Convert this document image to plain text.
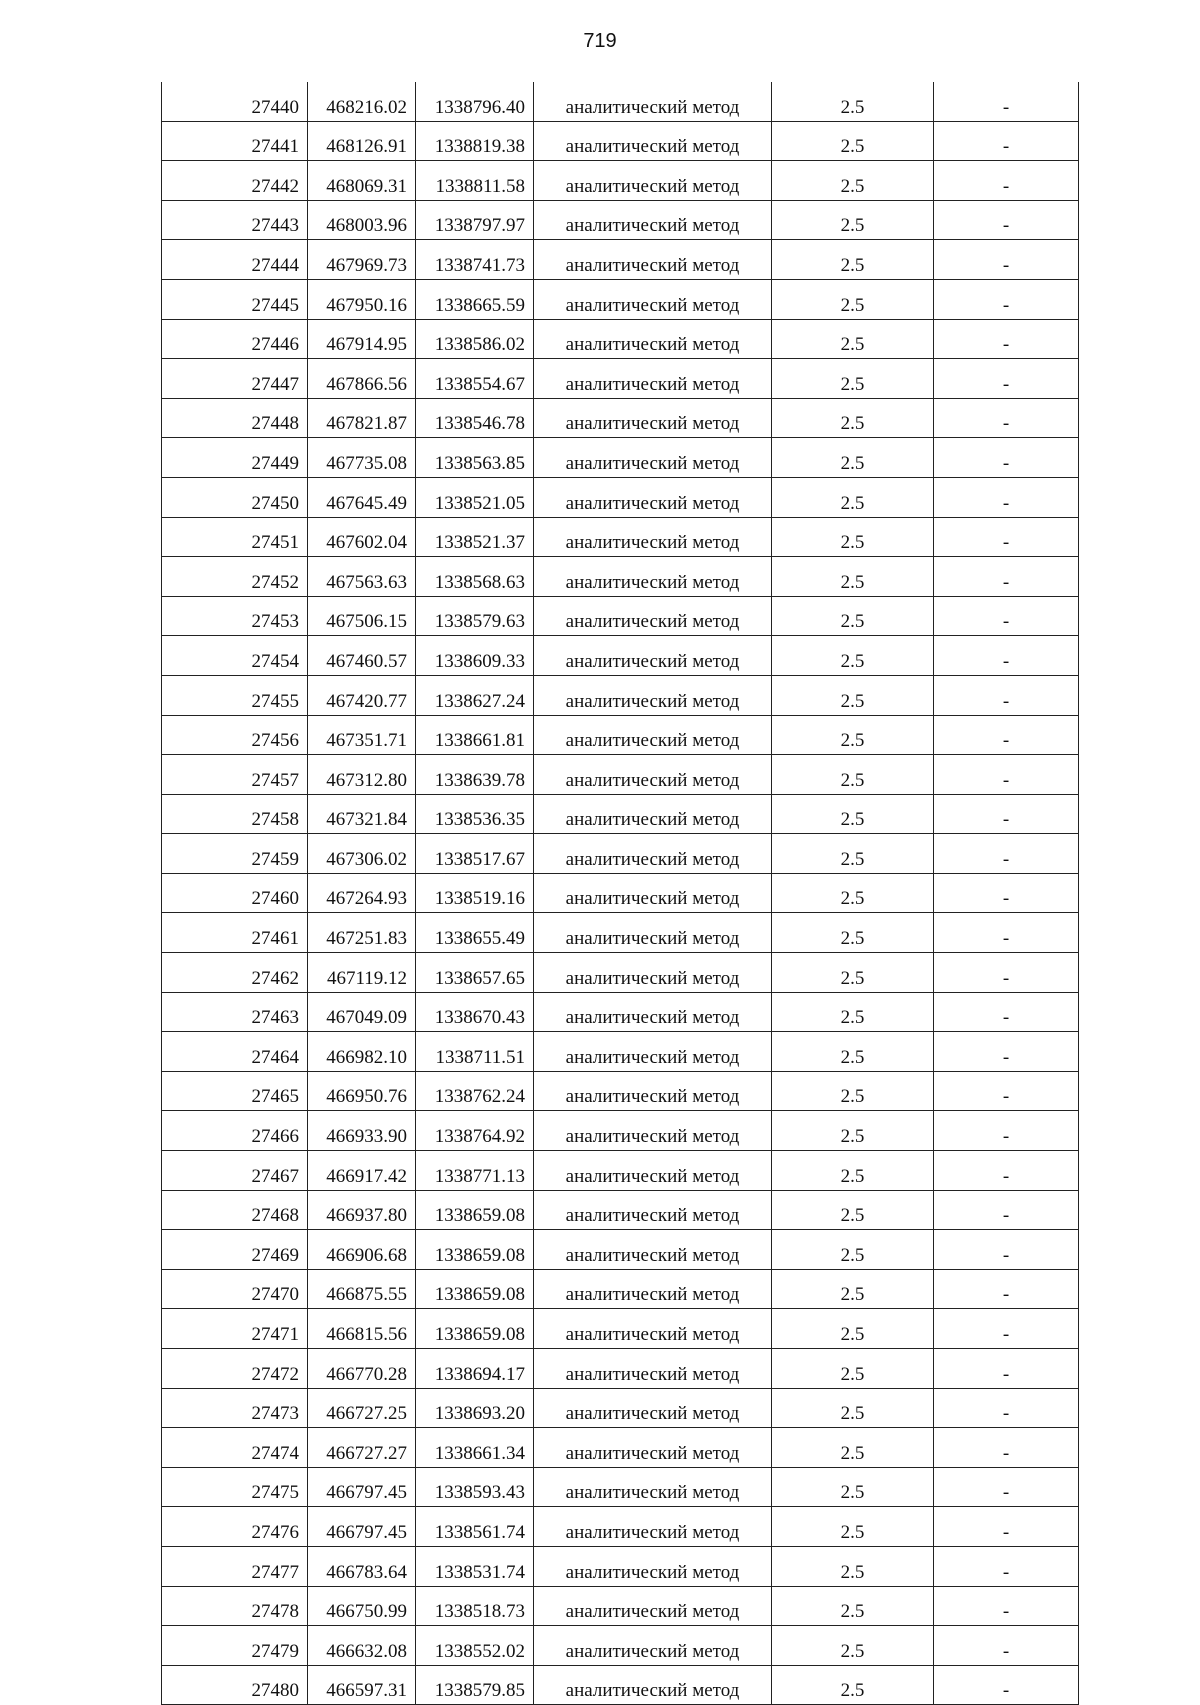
719
27440	468216.02	1338796.40	аналитический метод	2.5	-
27441	468126.91	1338819.38	аналитический метод	2.5	-
27442	468069.31	1338811.58	аналитический метод	2.5	-
27443	468003.96	1338797.97	аналитический метод	2.5	-
27444	467969.73	1338741.73	аналитический метод	2.5	-
27445	467950.16	1338665.59	аналитический метод	2.5	-
27446	467914.95	1338586.02	аналитический метод	2.5	-
27447	467866.56	1338554.67	аналитический метод	2.5	-
27448	467821.87	1338546.78	аналитический метод	2.5	-
27449	467735.08	1338563.85	аналитический метод	2.5	-
27450	467645.49	1338521.05	аналитический метод	2.5	-
27451	467602.04	1338521.37	аналитический метод	2.5	-
27452	467563.63	1338568.63	аналитический метод	2.5	-
27453	467506.15	1338579.63	аналитический метод	2.5	-
27454	467460.57	1338609.33	аналитический метод	2.5	-
27455	467420.77	1338627.24	аналитический метод	2.5	-
27456	467351.71	1338661.81	аналитический метод	2.5	-
27457	467312.80	1338639.78	аналитический метод	2.5	-
27458	467321.84	1338536.35	аналитический метод	2.5	-
27459	467306.02	1338517.67	аналитический метод	2.5	-
27460	467264.93	1338519.16	аналитический метод	2.5	-
27461	467251.83	1338655.49	аналитический метод	2.5	-
27462	467119.12	1338657.65	аналитический метод	2.5	-
27463	467049.09	1338670.43	аналитический метод	2.5	-
27464	466982.10	1338711.51	аналитический метод	2.5	-
27465	466950.76	1338762.24	аналитический метод	2.5	-
27466	466933.90	1338764.92	аналитический метод	2.5	-
27467	466917.42	1338771.13	аналитический метод	2.5	-
27468	466937.80	1338659.08	аналитический метод	2.5	-
27469	466906.68	1338659.08	аналитический метод	2.5	-
27470	466875.55	1338659.08	аналитический метод	2.5	-
27471	466815.56	1338659.08	аналитический метод	2.5	-
27472	466770.28	1338694.17	аналитический метод	2.5	-
27473	466727.25	1338693.20	аналитический метод	2.5	-
27474	466727.27	1338661.34	аналитический метод	2.5	-
27475	466797.45	1338593.43	аналитический метод	2.5	-
27476	466797.45	1338561.74	аналитический метод	2.5	-
27477	466783.64	1338531.74	аналитический метод	2.5	-
27478	466750.99	1338518.73	аналитический метод	2.5	-
27479	466632.08	1338552.02	аналитический метод	2.5	-
27480	466597.31	1338579.85	аналитический метод	2.5	-
